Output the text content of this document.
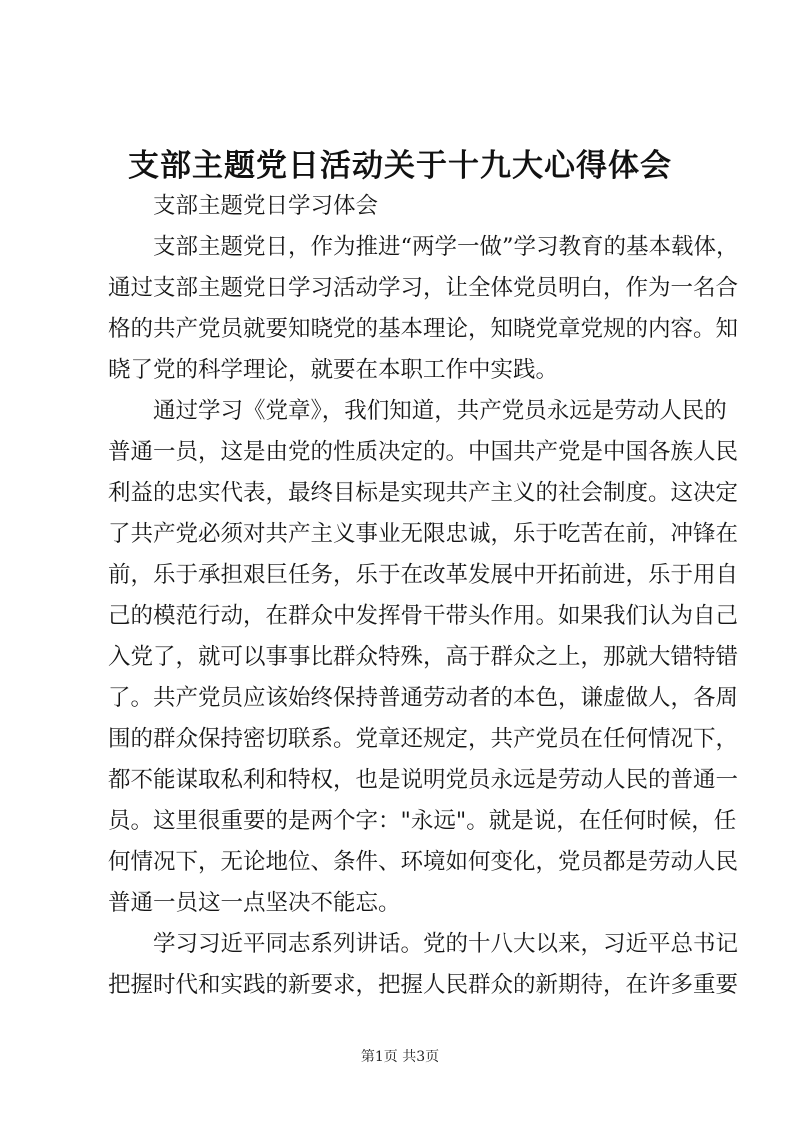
支部主题党日活动关于十九大心得体会
　　支部主题党日学习体会
　　支部主题党日，作为推进“两学一做”学习教育的基本载体，
通过支部主题党日学习活动学习，让全体党员明白，作为一名合
格的共产党员就要知晓党的基本理论，知晓党章党规的内容。知
晓了党的科学理论，就要在本职工作中实践。
　　通过学习《党章》，我们知道，共产党员永远是劳动人民的
普通一员，这是由党的性质决定的。中国共产党是中国各族人民
利益的忠实代表，最终目标是实现共产主义的社会制度。这决定
了共产党必须对共产主义事业无限忠诚，乐于吃苦在前，冲锋在
前，乐于承担艰巨任务，乐于在改革发展中开拓前进，乐于用自
己的模范行动，在群众中发挥骨干带头作用。如果我们认为自己
入党了，就可以事事比群众特殊，高于群众之上，那就大错特错
了。共产党员应该始终保持普通劳动者的本色，谦虚做人，各周
围的群众保持密切联系。党章还规定，共产党员在任何情况下，
都不能谋取私利和特权，也是说明党员永远是劳动人民的普通一
员。这里很重要的是两个字："永远"。就是说，在任何时候，任
何情况下，无论地位、条件、环境如何变化，党员都是劳动人民
普通一员这一点坚决不能忘。
　　学习习近平同志系列讲话。党的十八大以来，习近平总书记
把握时代和实践的新要求，把握人民群众的新期待，在许多重要
第1页 共3页
